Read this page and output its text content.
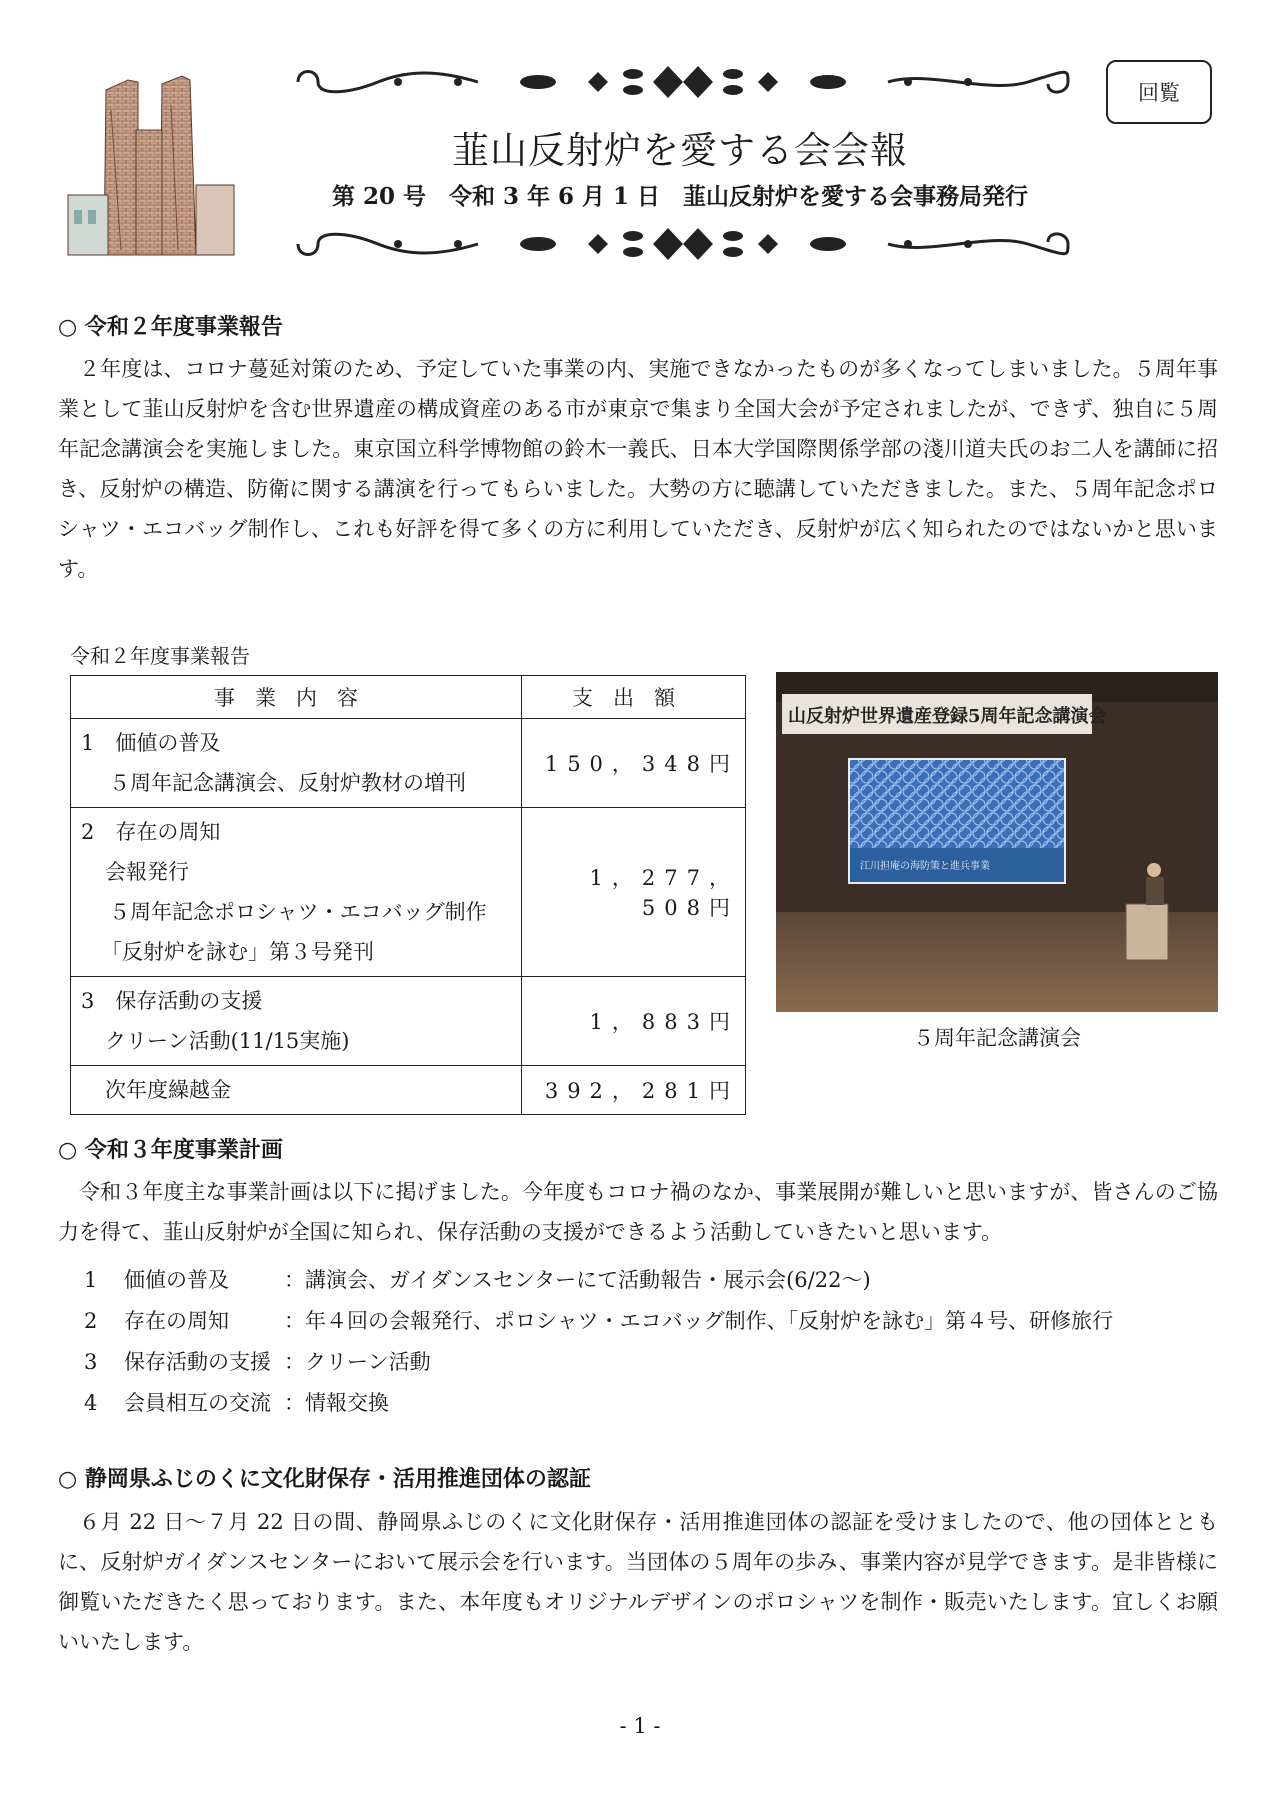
韮山反射炉を愛する会会報
第 20 号　令和 3 年 6 月 1 日　韮山反射炉を愛する会事務局発行
回覧
○ 令和２年度事業報告
２年度は、コロナ蔓延対策のため、予定していた事業の内、実施できなかったものが多くなってしまいました。５周年事業として韮山反射炉を含む世界遺産の構成資産のある市が東京で集まり全国大会が予定されましたが、できず、独自に５周年記念講演会を実施しました。東京国立科学博物館の鈴木一義氏、日本大学国際関係学部の淺川道夫氏のお二人を講師に招き、反射炉の構造、防衛に関する講演を行ってもらいました。大勢の方に聴講していただきました。また、５周年記念ポロシャツ・エコバッグ制作し、これも好評を得て多くの方に利用していただき、反射炉が広く知られたのではないかと思います。
令和２年度事業報告
事業内容	支出額

1　価値の普及
５周年記念講演会、反射炉教材の増刊	150，348円

2　存在の周知
会報発行
５周年記念ポロシャツ・エコバッグ制作
「反射炉を詠む」第３号発刊	1，277，508円

3　保存活動の支援
クリーン活動(11/15実施)	1，883円

次年度繰越金	392，281円
山反射炉世界遺産登録5周年記念講演会
江川担庵の海防策と進兵事業
５周年記念講演会
○ 令和３年度事業計画
令和３年度主な事業計画は以下に掲げました。今年度もコロナ禍のなか、事業展開が難しいと思いますが、皆さんのご協力を得て、韮山反射炉が全国に知られ、保存活動の支援ができるよう活動していきたいと思います。
1	価値の普及	：講演会、ガイダンスセンターにて活動報告・展示会(6/22〜)
2	存在の周知	：年４回の会報発行、ポロシャツ・エコバッグ制作、「反射炉を詠む」第４号、研修旅行
3	保存活動の支援 ：クリーン活動
4	会員相互の交流 ：情報交換
○ 静岡県ふじのくに文化財保存・活用推進団体の認証
６月 22 日〜７月 22 日の間、静岡県ふじのくに文化財保存・活用推進団体の認証を受けましたので、他の団体とともに、反射炉ガイダンスセンターにおいて展示会を行います。当団体の５周年の歩み、事業内容が見学できます。是非皆様に御覧いただきたく思っております。また、本年度もオリジナルデザインのポロシャツを制作・販売いたします。宜しくお願いいたします。
- 1 -
